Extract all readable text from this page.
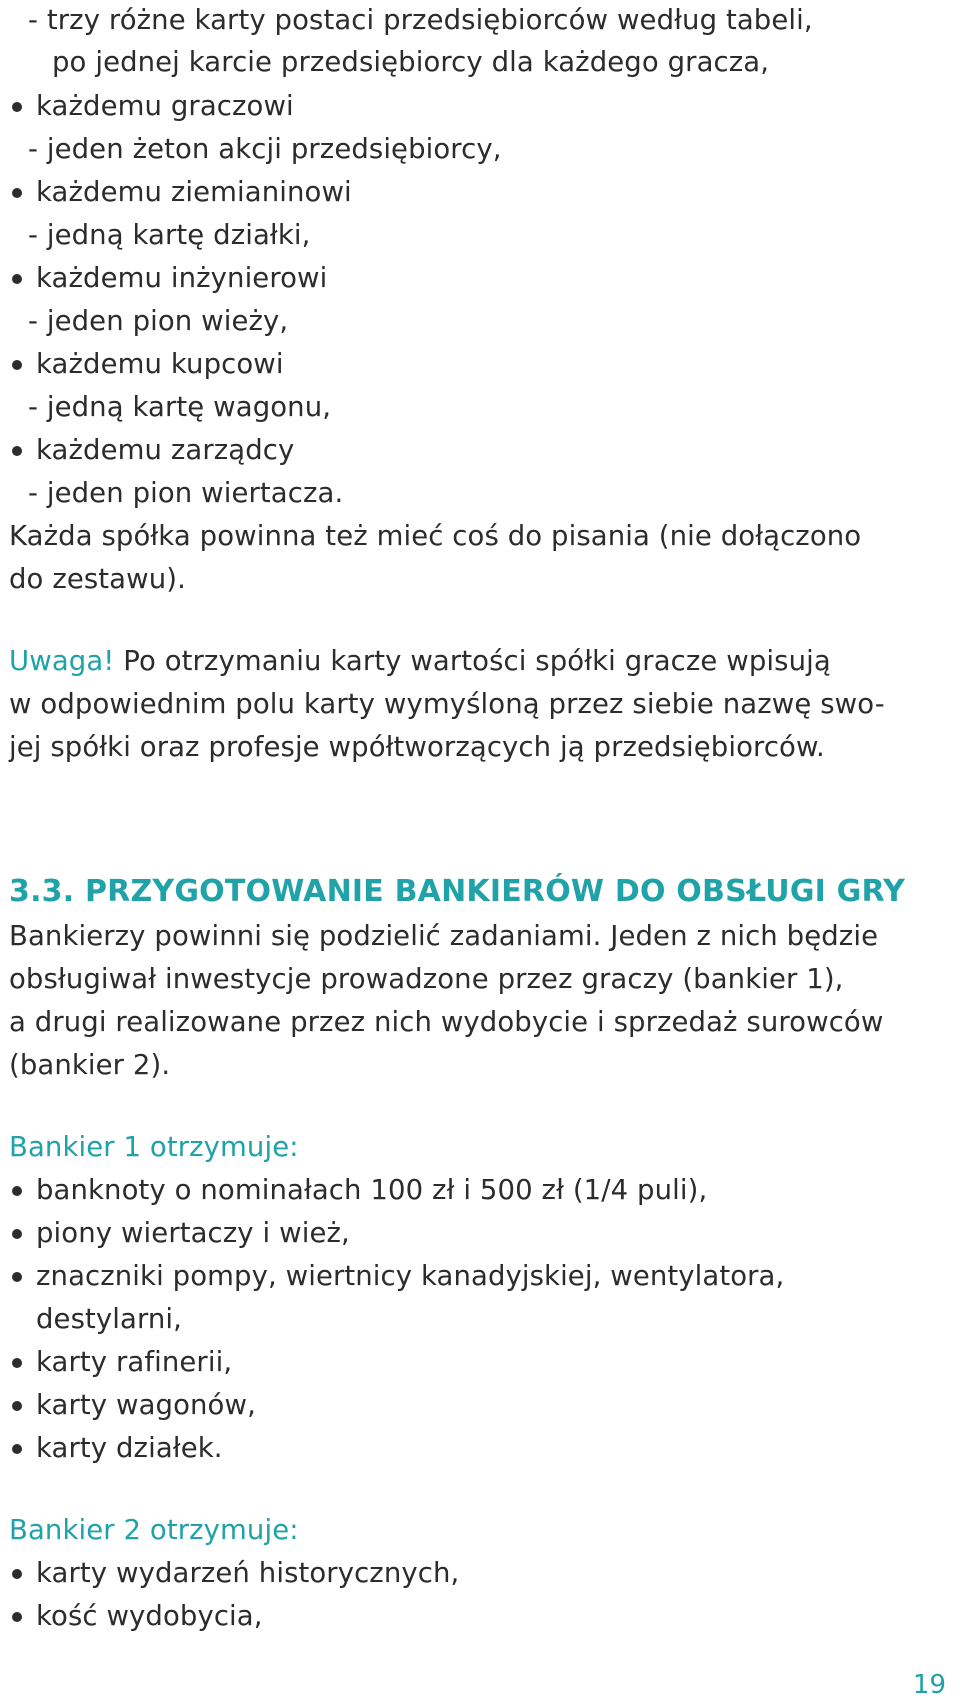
- trzy różne karty postaci przedsiębiorców według tabeli,
po jednej karcie przedsiębiorcy dla każdego gracza,
każdemu graczowi
- jeden żeton akcji przedsiębiorcy,
każdemu ziemianinowi
- jedną kartę działki,
każdemu inżynierowi
- jeden pion wieży,
każdemu kupcowi
- jedną kartę wagonu,
każdemu zarządcy
- jeden pion wiertacza.
Każda spółka powinna też mieć coś do pisania (nie dołączono
do zestawu).
Uwaga! Po otrzymaniu karty wartości spółki gracze wpisują
w odpowiednim polu karty wymyśloną przez siebie nazwę swo-
jej spółki oraz profesje wpółtworzących ją przedsiębiorców.
3.3. PRZYGOTOWANIE BANKIERÓW DO OBSŁUGI GRY
Bankierzy powinni się podzielić zadaniami. Jeden z nich będzie
obsługiwał inwestycje prowadzone przez graczy (bankier 1),
a drugi realizowane przez nich wydobycie i sprzedaż surowców
(bankier 2).
Bankier 1 otrzymuje:
banknoty o nominałach 100 zł i 500 zł (1/4 puli),
piony wiertaczy i wież,
znaczniki pompy, wiertnicy kanadyjskiej, wentylatora,
destylarni,
karty rafinerii,
karty wagonów,
karty działek.
Bankier 2 otrzymuje:
karty wydarzeń historycznych,
kość wydobycia,
19
